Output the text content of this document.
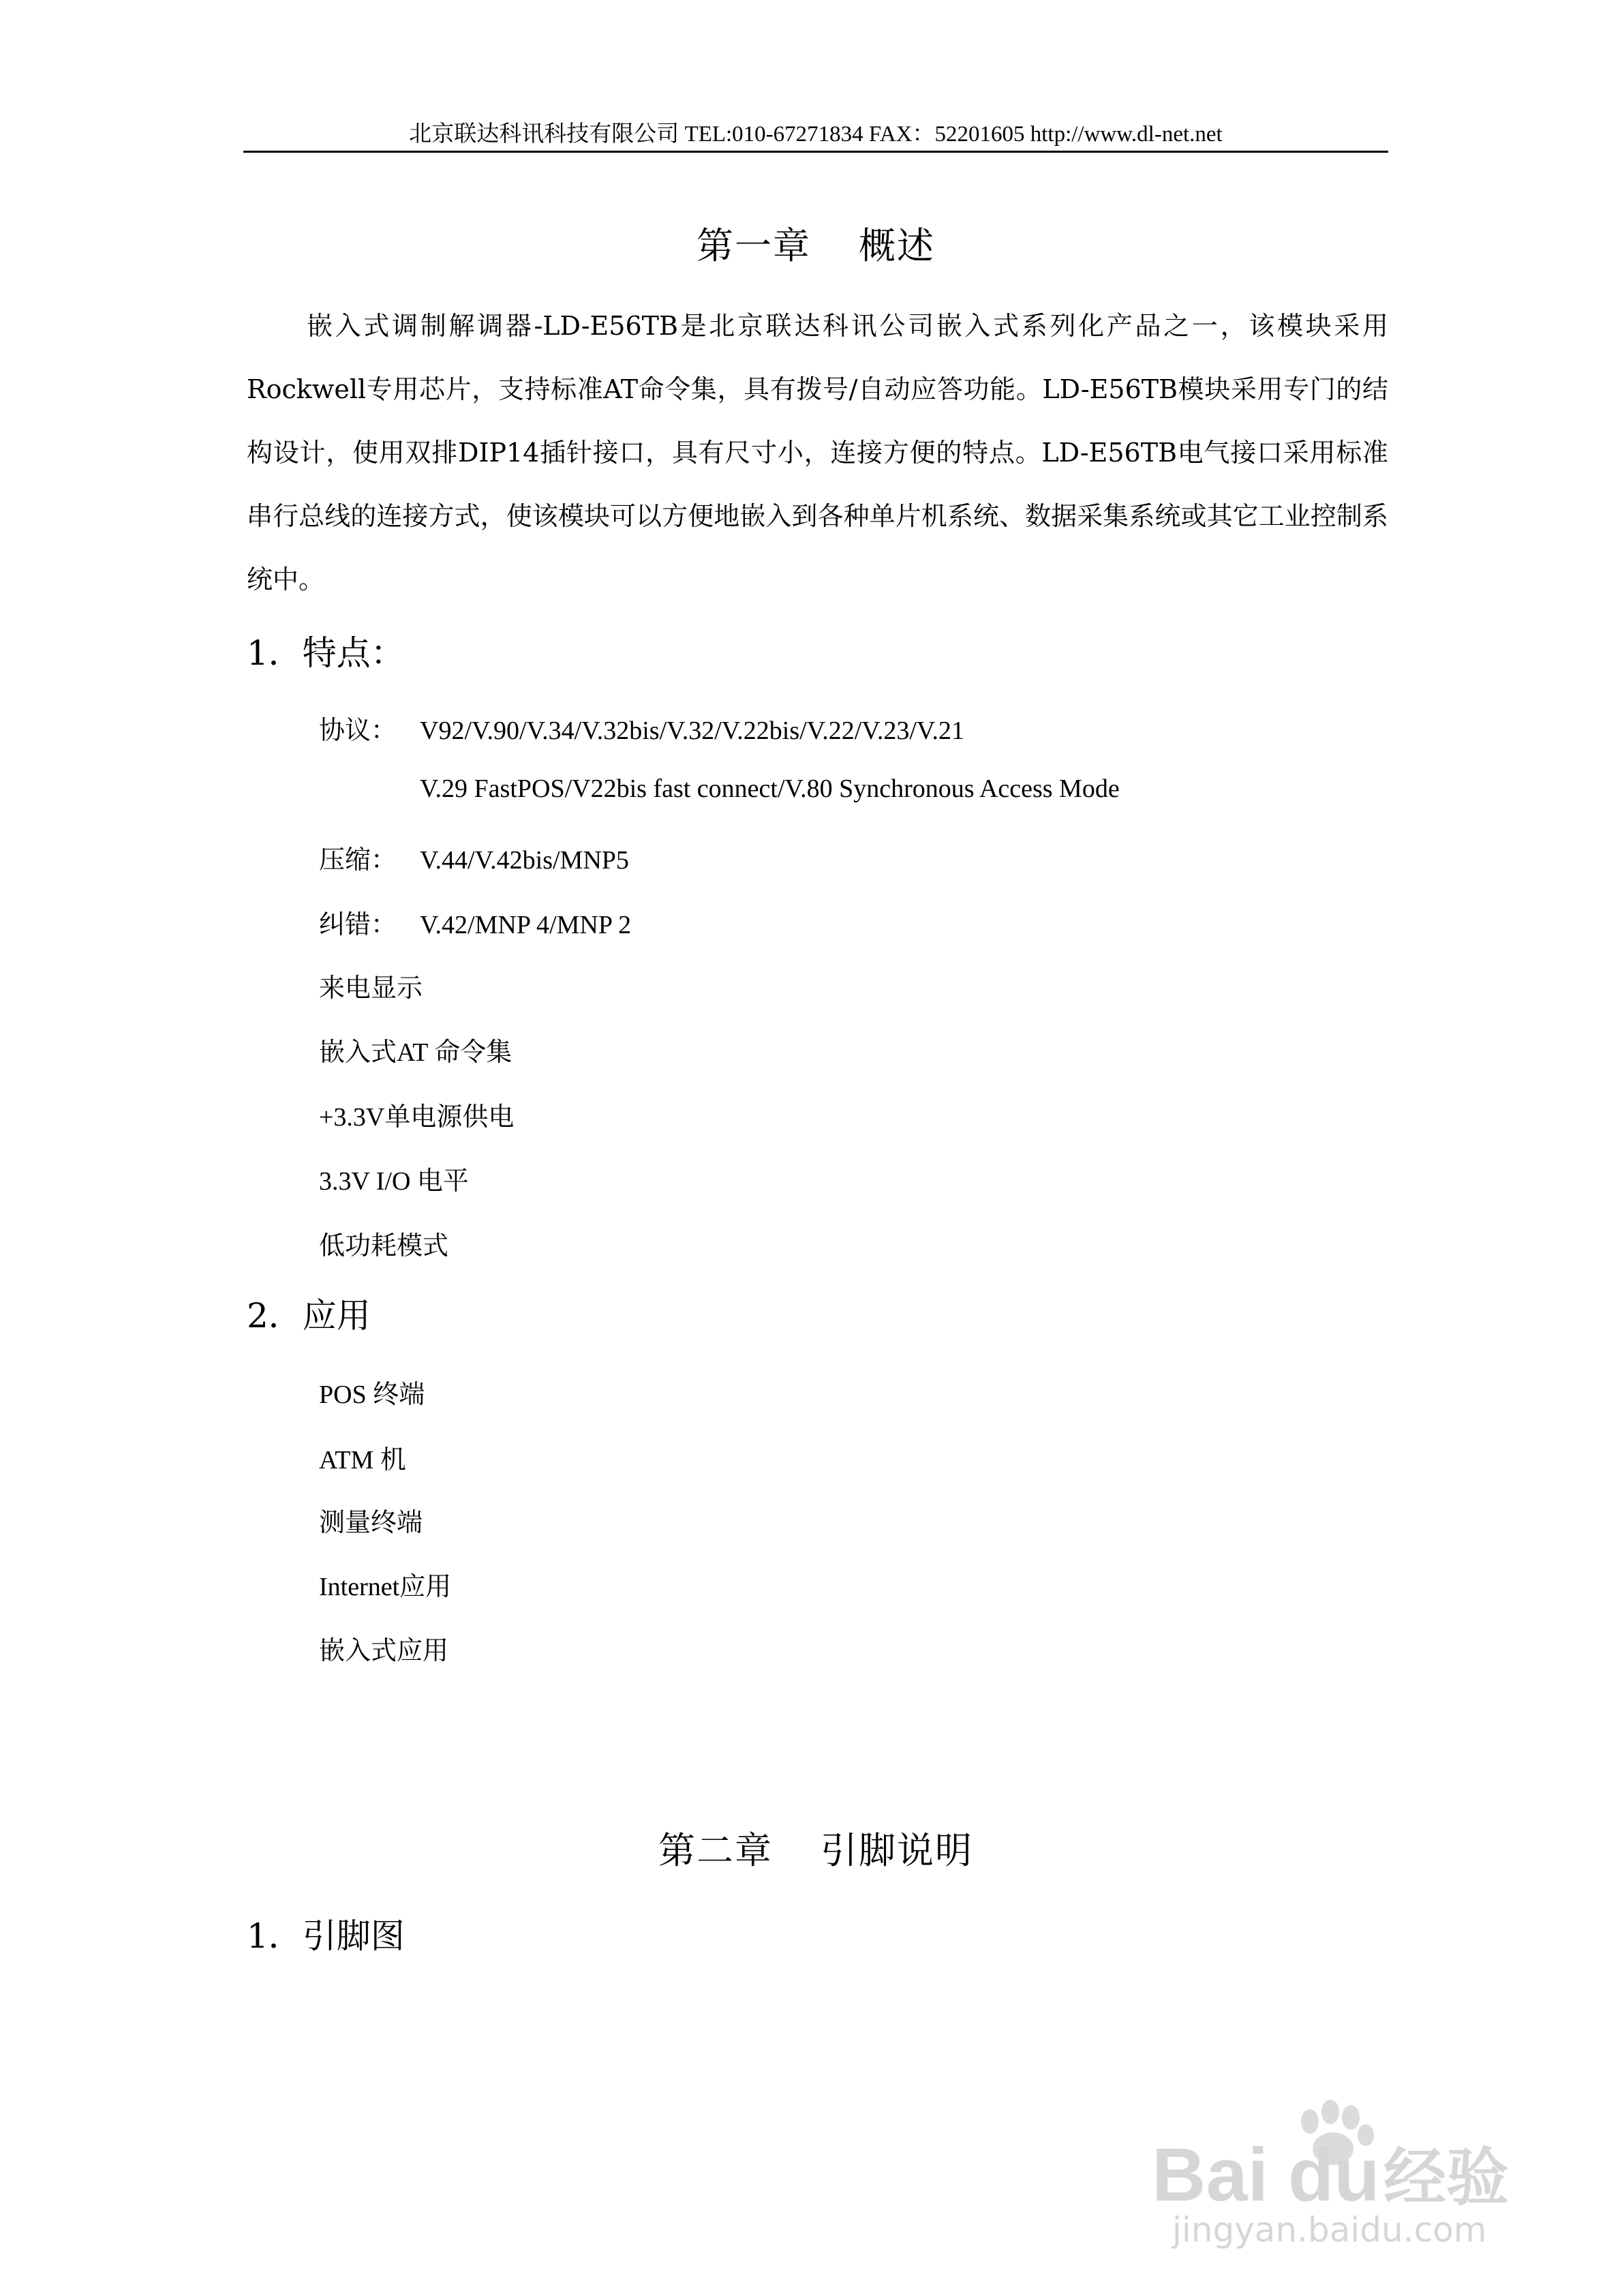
北京联达科讯科技有限公司 TEL:010-67271834 FAX：52201605 http://www.dl-net.net
第一章 概述
嵌入式调制解调器-LD-E56TB是北京联达科讯公司嵌入式系列化产品之一，该模块采用Rockwell专用芯片，支持标准AT命令集，具有拨号/自动应答功能。LD-E56TB模块采用专门的结构设计，使用双排DIP14插针接口，具有尺寸小，连接方便的特点。LD-E56TB电气接口采用标准串行总线的连接方式，使该模块可以方便地嵌入到各种单片机系统、数据采集系统或其它工业控制系统中。
1．特点：
协议： V92/V.90/V.34/V.32bis/V.32/V.22bis/V.22/V.23/V.21
V.29 FastPOS/V22bis fast connect/V.80 Synchronous Access Mode
压缩： V.44/V.42bis/MNP5
纠错： V.42/MNP 4/MNP 2
来电显示
嵌入式AT 命令集
+3.3V单电源供电
3.3V I/O 电平
低功耗模式
2．应用
POS 终端
ATM 机
测量终端
Internet应用
嵌入式应用
第二章 引脚说明
1．引脚图
Bai du 经验
jingyan.baidu.com
